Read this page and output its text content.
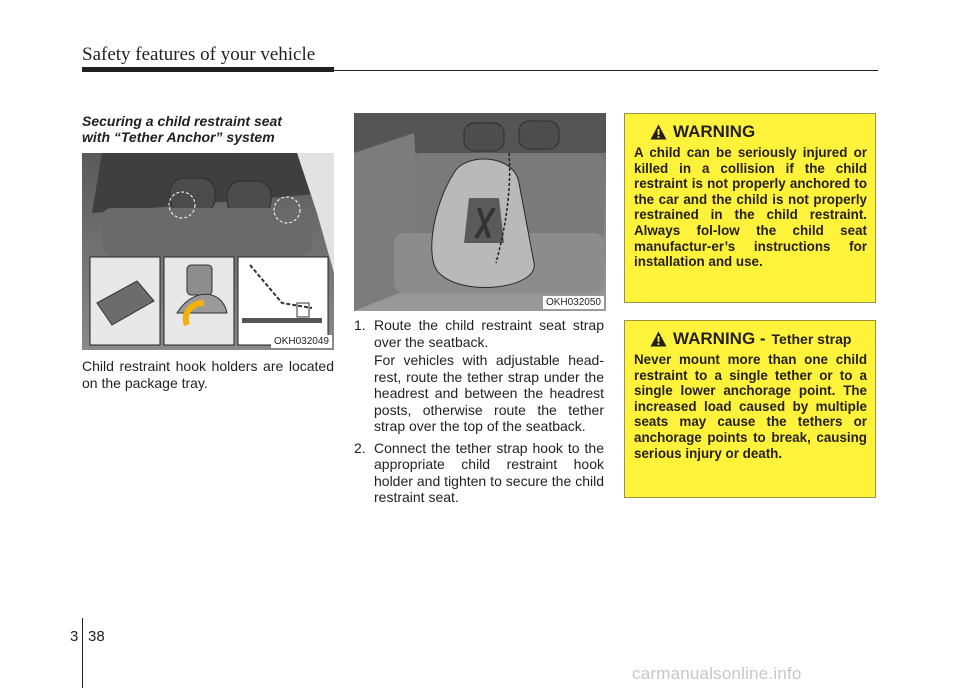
Safety features of your vehicle
Securing a child restraint seat
with “Tether Anchor” system
OKH032049
Child restraint hook holders are located on the package tray.
OKH032050
1. Route the child restraint seat strap over the seatback.
For vehicles with adjustable head-rest, route the tether strap under the headrest and between the headrest posts, otherwise route the tether strap over the top of the seatback.
2. Connect the tether strap hook to the appropriate child restraint hook holder and tighten to secure the child restraint seat.
WARNING
A child can be seriously injured or killed in a collision if the child restraint is not properly anchored to the car and the child is not properly restrained in the child restraint. Always fol-low the child seat manufactur-er’s instructions for installation and use.
WARNING - Tether strap
Never mount more than one child restraint to a single tether or to a single lower anchorage point. The increased load caused by multiple seats may cause the tethers or anchorage points to break, causing serious injury or death.
3 38
carmanualsonline.info
